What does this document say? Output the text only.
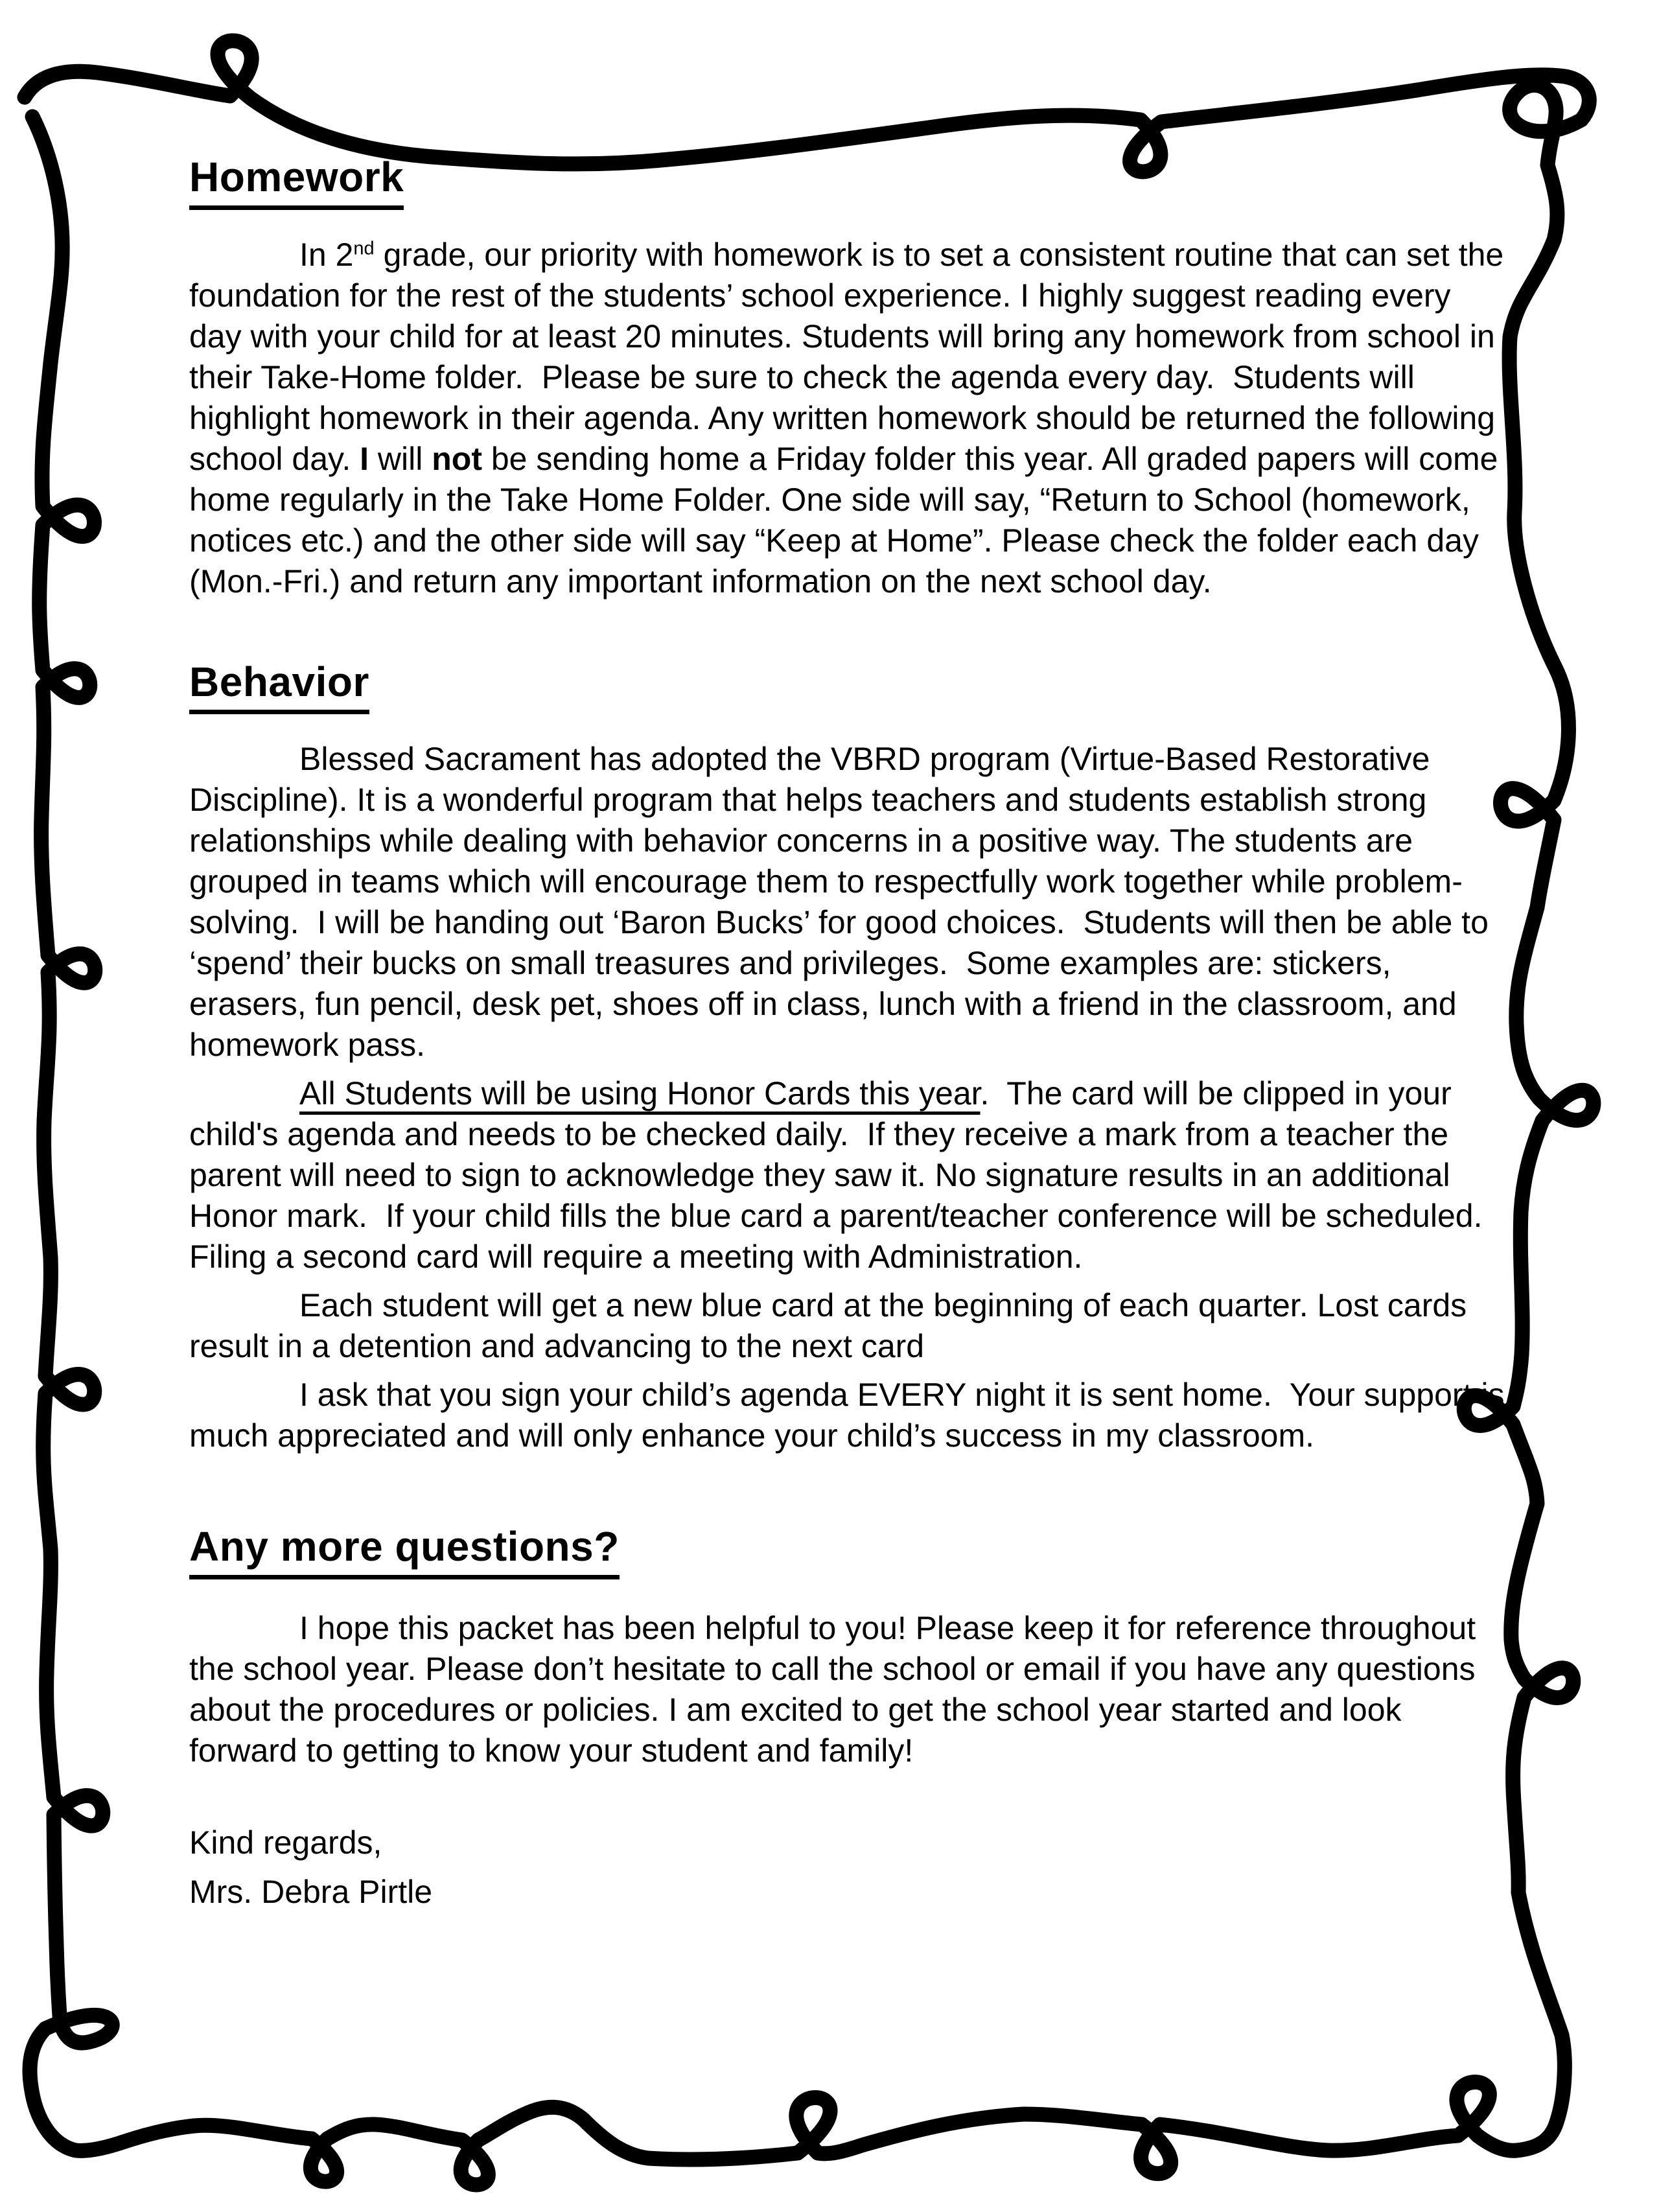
Homework

In 2nd grade, our priority with homework is to set a consistent routine that can set the foundation for the rest of the students’ school experience. I highly suggest reading every day with your child for at least 20 minutes. Students will bring any homework from school in their Take-Home folder.  Please be sure to check the agenda every day.  Students will highlight homework in their agenda. Any written homework should be returned the following school day. I will not be sending home a Friday folder this year. All graded papers will come home regularly in the Take Home Folder. One side will say, “Return to School (homework, notices etc.) and the other side will say “Keep at Home”. Please check the folder each day (Mon.-Fri.) and return any important information on the next school day.

Behavior

Blessed Sacrament has adopted the VBRD program (Virtue-Based Restorative Discipline). It is a wonderful program that helps teachers and students establish strong relationships while dealing with behavior concerns in a positive way. The students are grouped in teams which will encourage them to respectfully work together while problem-solving.  I will be handing out ‘Baron Bucks’ for good choices.  Students will then be able to ‘spend’ their bucks on small treasures and privileges.  Some examples are: stickers, erasers, fun pencil, desk pet, shoes off in class, lunch with a friend in the classroom, and homework pass.

All Students will be using Honor Cards this year.  The card will be clipped in your child's agenda and needs to be checked daily.  If they receive a mark from a teacher the parent will need to sign to acknowledge they saw it. No signature results in an additional Honor mark.  If your child fills the blue card a parent/teacher conference will be scheduled.  Filing a second card will require a meeting with Administration.

Each student will get a new blue card at the beginning of each quarter. Lost cards result in a detention and advancing to the next card

I ask that you sign your child’s agenda EVERY night it is sent home.  Your support is much appreciated and will only enhance your child’s success in my classroom.

Any more questions?

I hope this packet has been helpful to you! Please keep it for reference throughout the school year. Please don’t hesitate to call the school or email if you have any questions about the procedures or policies. I am excited to get the school year started and look forward to getting to know your student and family!

Kind regards,

Mrs. Debra Pirtle
